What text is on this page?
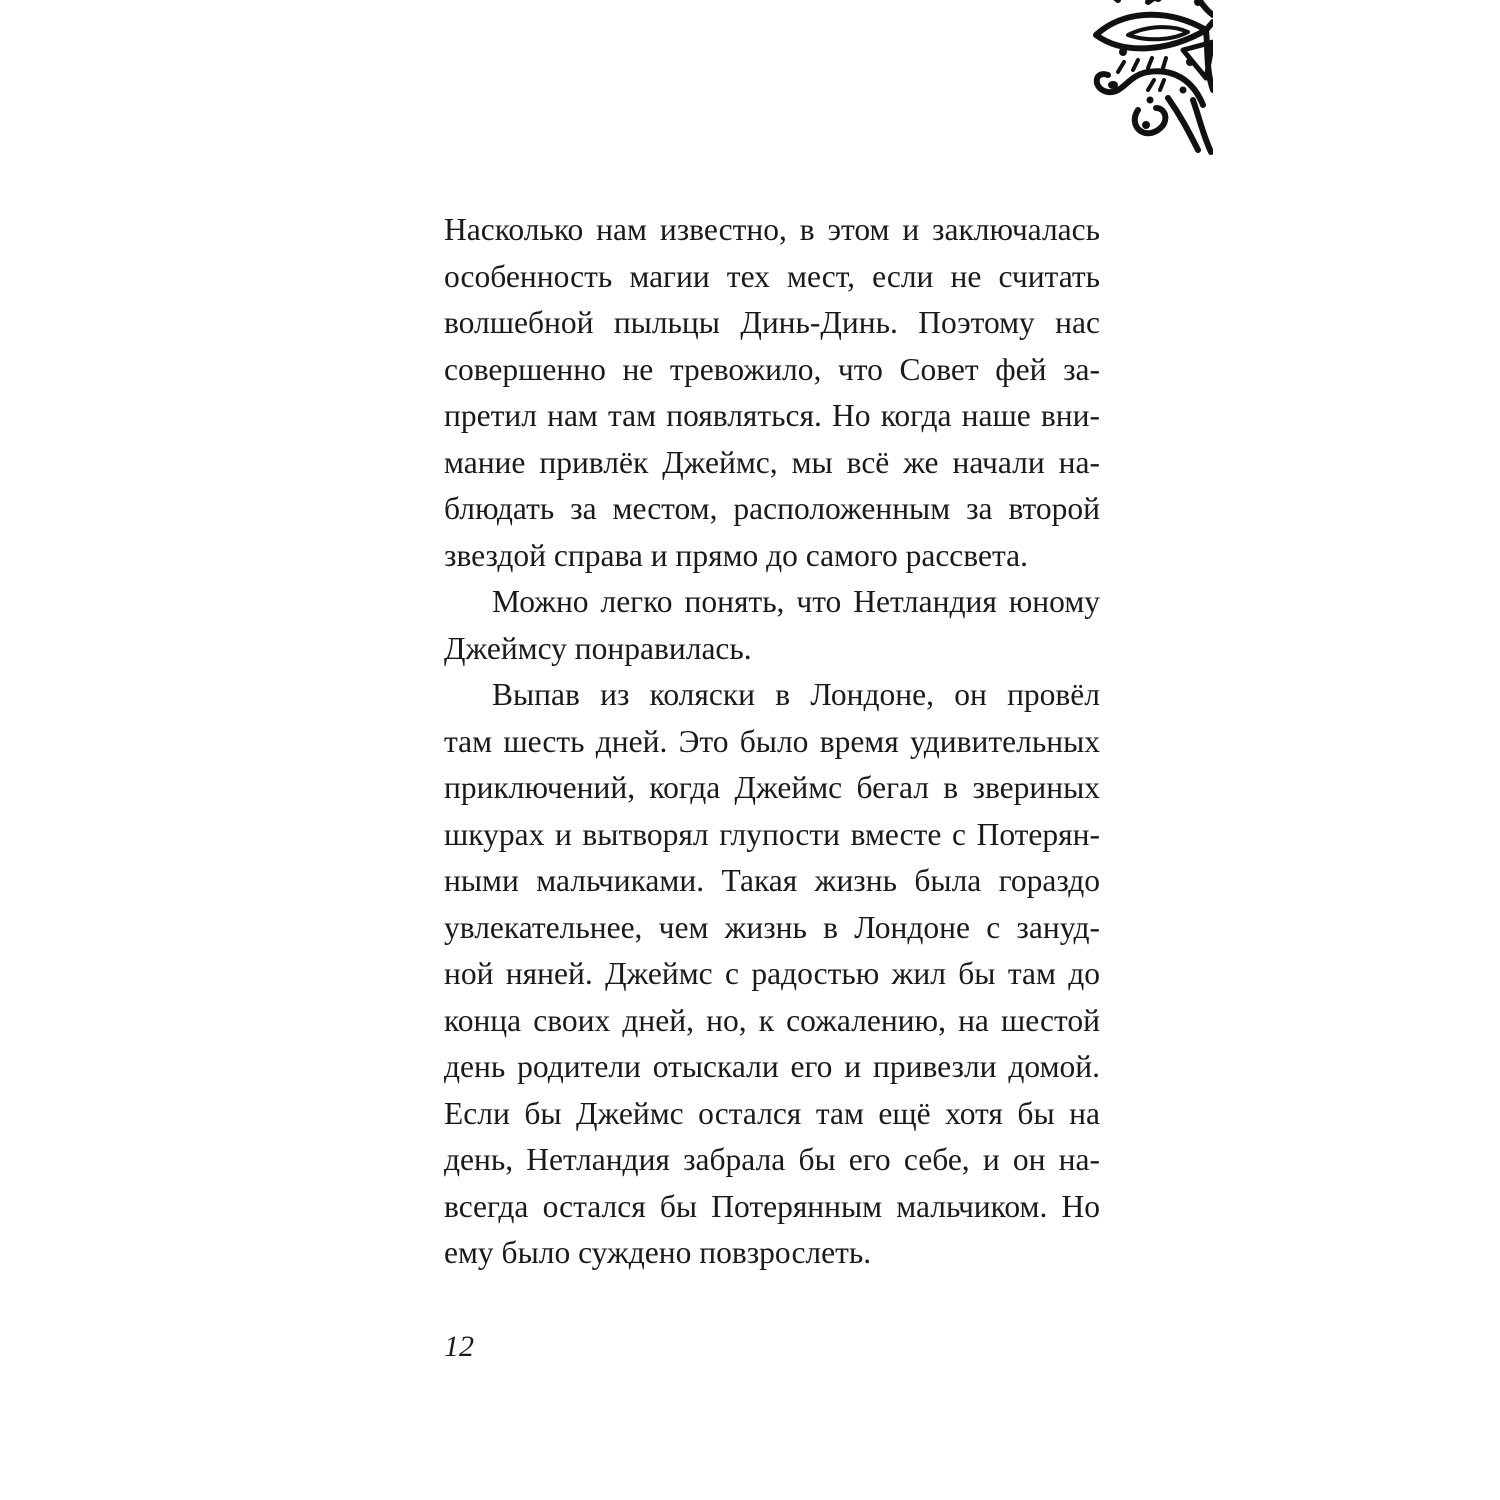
Насколько нам известно, в этом и заключалась
особенность магии тех мест, если не считать
волшебной пыльцы Динь-Динь. Поэтому нас
совершенно не тревожило, что Совет фей за-
претил нам там появляться. Но когда наше вни-
мание привлёк Джеймс, мы всё же начали на-
блюдать за местом, расположенным за второй
звездой справа и прямо до самого рассвета.
Можно легко понять, что Нетландия юному
Джеймсу понравилась.
Выпав из коляски в Лондоне, он провёл
там шесть дней. Это было время удивительных
приключений, когда Джеймс бегал в звериных
шкурах и вытворял глупости вместе с Потерян-
ными мальчиками. Такая жизнь была гораздо
увлекательнее, чем жизнь в Лондоне с зануд-
ной няней. Джеймс с радостью жил бы там до
конца своих дней, но, к сожалению, на шестой
день родители отыскали его и привезли домой.
Если бы Джеймс остался там ещё хотя бы на
день, Нетландия забрала бы его себе, и он на-
всегда остался бы Потерянным мальчиком. Но
ему было суждено повзрослеть.
12
